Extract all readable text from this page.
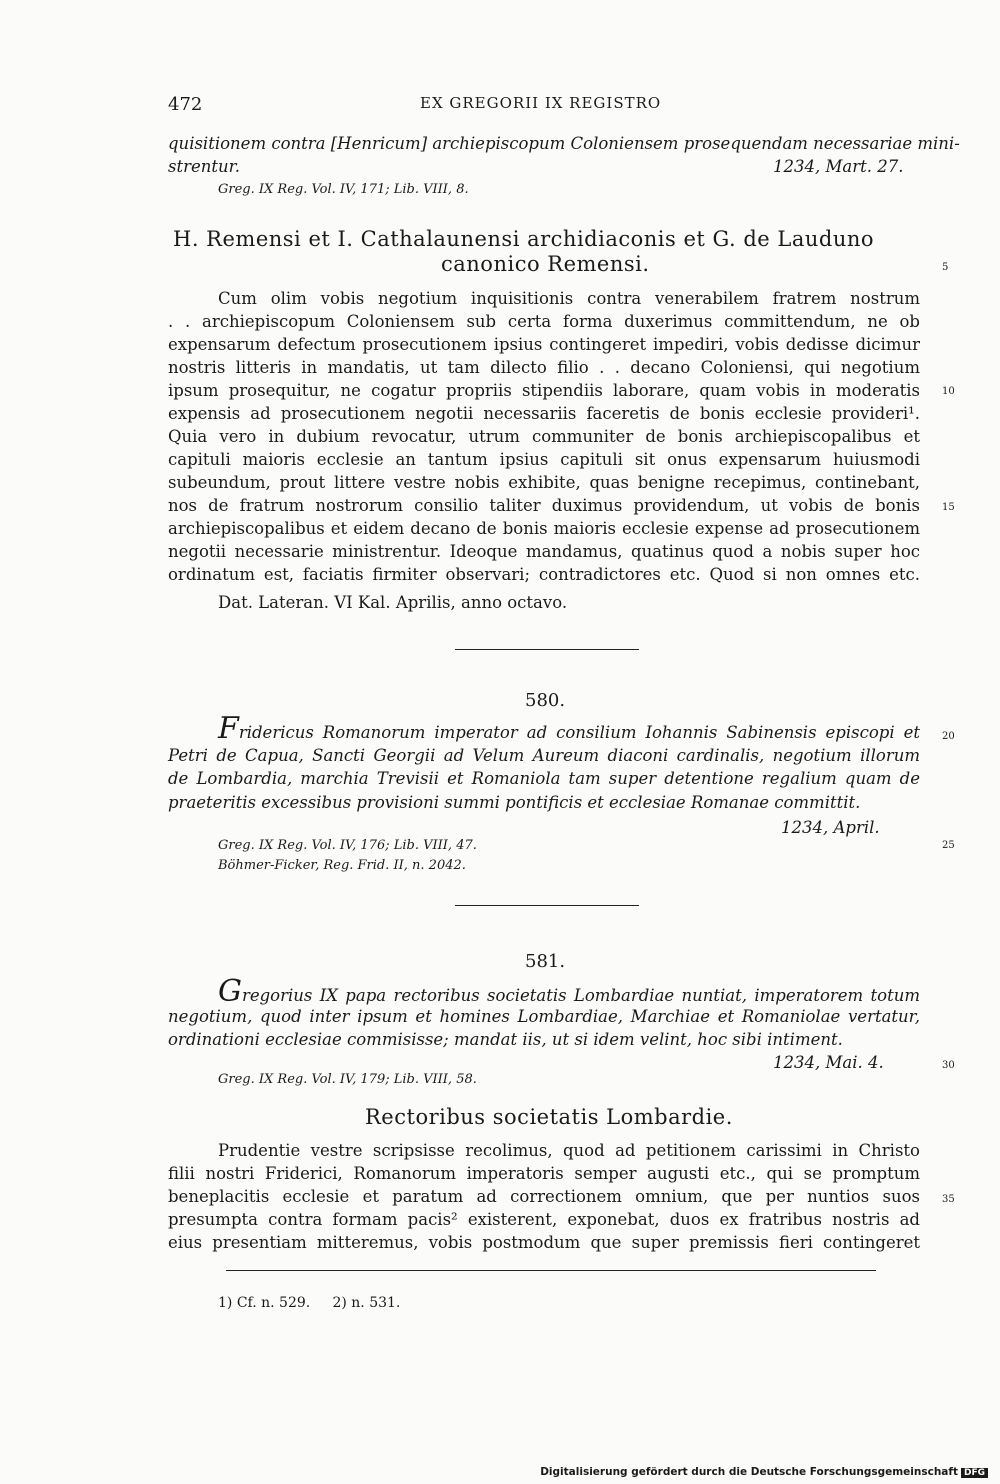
472	EX GREGORII IX REGISTRO
quisitionem contra [Henricum] archiepiscopum Coloniensem prosequendam necessariae mini-
strentur.	1234, Mart. 27.
Greg. IX Reg. Vol. IV, 171; Lib. VIII, 8.
H. Remensi et I. Cathalaunensi archidiaconis et G. de Lauduno
canonico Remensi.	5
Cum olim vobis negotium inquisitionis contra venerabilem fratrem nostrum
. . archiepiscopum Coloniensem sub certa forma duxerimus committendum, ne ob
expensarum defectum prosecutionem ipsius contingeret impediri, vobis dedisse dicimur
nostris litteris in mandatis, ut tam dilecto filio . . decano Coloniensi, qui negotium
ipsum prosequitur, ne cogatur propriis stipendiis laborare, quam vobis in moderatis 10
expensis ad prosecutionem negotii necessariis faceretis de bonis ecclesie provideri¹.
Quia vero in dubium revocatur, utrum communiter de bonis archiepiscopalibus et
capituli maioris ecclesie an tantum ipsius capituli sit onus expensarum huiusmodi
subeundum, prout littere vestre nobis exhibite, quas benigne recepimus, continebant,
nos de fratrum nostrorum consilio taliter duximus providendum, ut vobis de bonis 15
archiepiscopalibus et eidem decano de bonis maioris ecclesie expense ad prosecutionem
negotii necessarie ministrentur. Ideoque mandamus, quatinus quod a nobis super hoc
ordinatum est, faciatis firmiter observari; contradictores etc. Quod si non omnes etc.
Dat. Lateran. VI Kal. Aprilis, anno octavo.
580.
Fridericus Romanorum imperator ad consilium Iohannis Sabinensis episcopi et 20
Petri de Capua, Sancti Georgii ad Velum Aureum diaconi cardinalis, negotium illorum
de Lombardia, marchia Trevisii et Romaniola tam super detentione regalium quam de
praeteritis excessibus provisioni summi pontificis et ecclesiae Romanae committit.
1234, April.
Greg. IX Reg. Vol. IV, 176; Lib. VIII, 47.	25
Böhmer-Ficker, Reg. Frid. II, n. 2042.
581.
Gregorius IX papa rectoribus societatis Lombardiae nuntiat, imperatorem totum
negotium, quod inter ipsum et homines Lombardiae, Marchiae et Romaniolae vertatur,
ordinationi ecclesiae commisisse; mandat iis, ut si idem velint, hoc sibi intiment.
1234, Mai. 4.	30
Greg. IX Reg. Vol. IV, 179; Lib. VIII, 58.
Rectoribus societatis Lombardie.
Prudentie vestre scripsisse recolimus, quod ad petitionem carissimi in Christo
filii nostri Friderici, Romanorum imperatoris semper augusti etc., qui se promptum
beneplacitis ecclesie et paratum ad correctionem omnium, que per nuntios suos 35
presumpta contra formam pacis² existerent, exponebat, duos ex fratribus nostris ad
eius presentiam mitteremus, vobis postmodum que super premissis fieri contingeret
1) Cf. n. 529.     2) n. 531.
Digitalisierung gefördert durch die Deutsche Forschungsgemeinschaft DFG
